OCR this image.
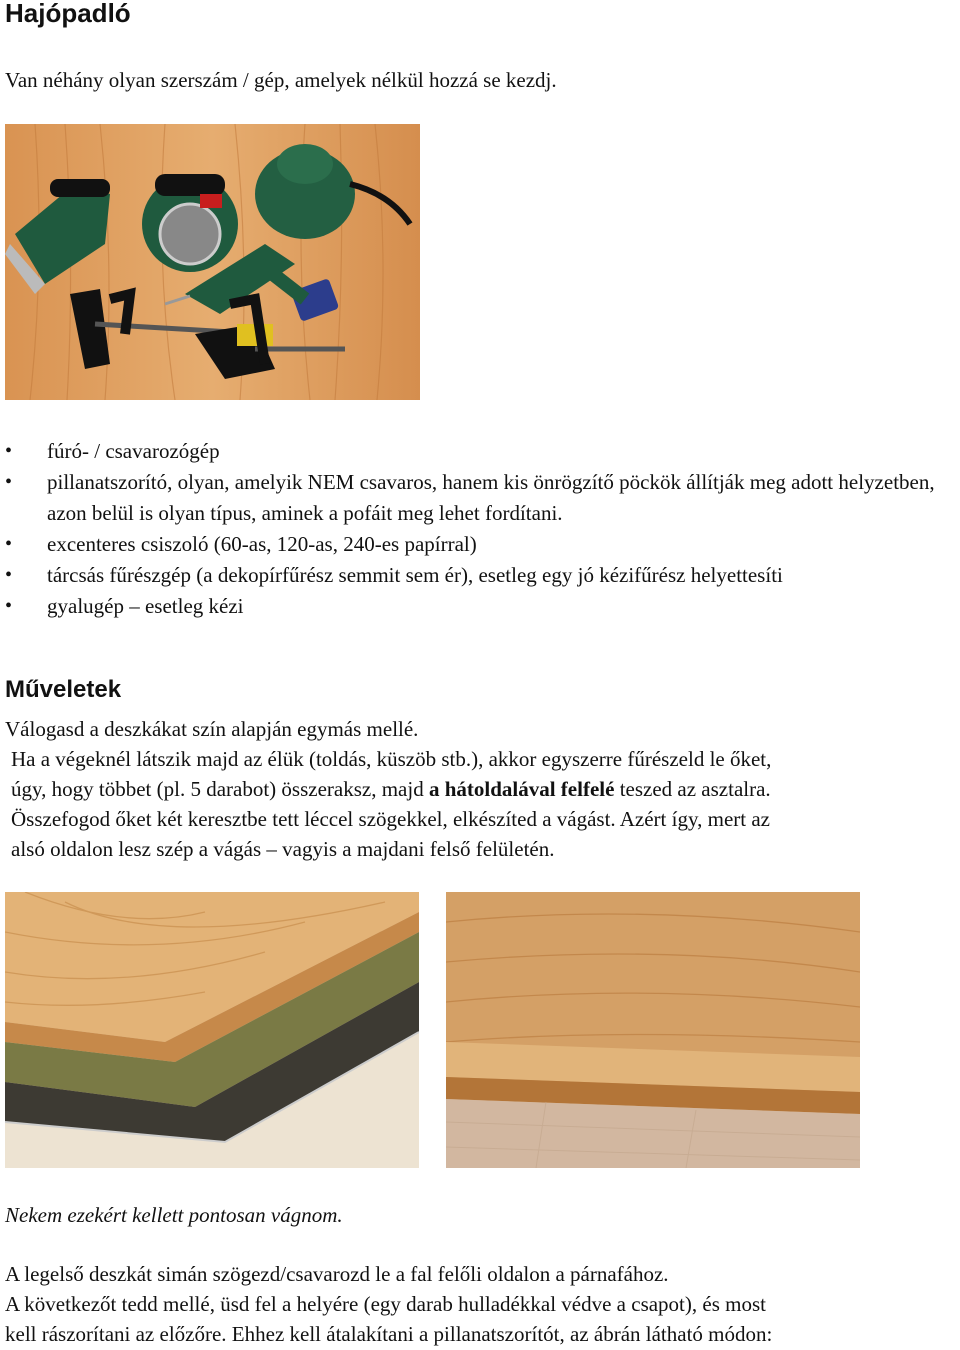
Hajópadló
Van néhány olyan szerszám / gép, amelyek nélkül hozzá se kezdj.
• fúró- / csavarozógép
• pillanatszorító, olyan, amelyik NEM csavaros, hanem kis önrögzítő pöckök állítják meg adott helyzetben, azon belül is olyan típus, aminek a pofáit meg lehet fordítani.
• excenteres csiszoló (60-as, 120-as, 240-es papírral)
• tárcsás fűrészgép (a dekopírfűrész semmit sem ér), esetleg egy jó kézifűrész helyettesíti
• gyalugép – esetleg kézi
Műveletek
Válogasd a deszkákat szín alapján egymás mellé.
Ha a végeknél látszik majd az élük (toldás, küszöb stb.), akkor egyszerre fűrészeld le őket,
úgy, hogy többet (pl. 5 darabot) összeraksz, majd a hátoldalával felfelé teszed az asztalra.
Összefogod őket két keresztbe tett léccel szögekkel, elkészíted a vágást. Azért így, mert az
alsó oldalon lesz szép a vágás – vagyis a majdani felső felületén.
Nekem ezekért kellett pontosan vágnom.
A legelső deszkát simán szögezd/csavarozd le a fal felőli oldalon a párnafához.
A következőt tedd mellé, üsd fel a helyére (egy darab hulladékkal védve a csapot), és most
kell rászorítani az előzőre. Ehhez kell átalakítani a pillanatszorítót, az ábrán látható módon:
